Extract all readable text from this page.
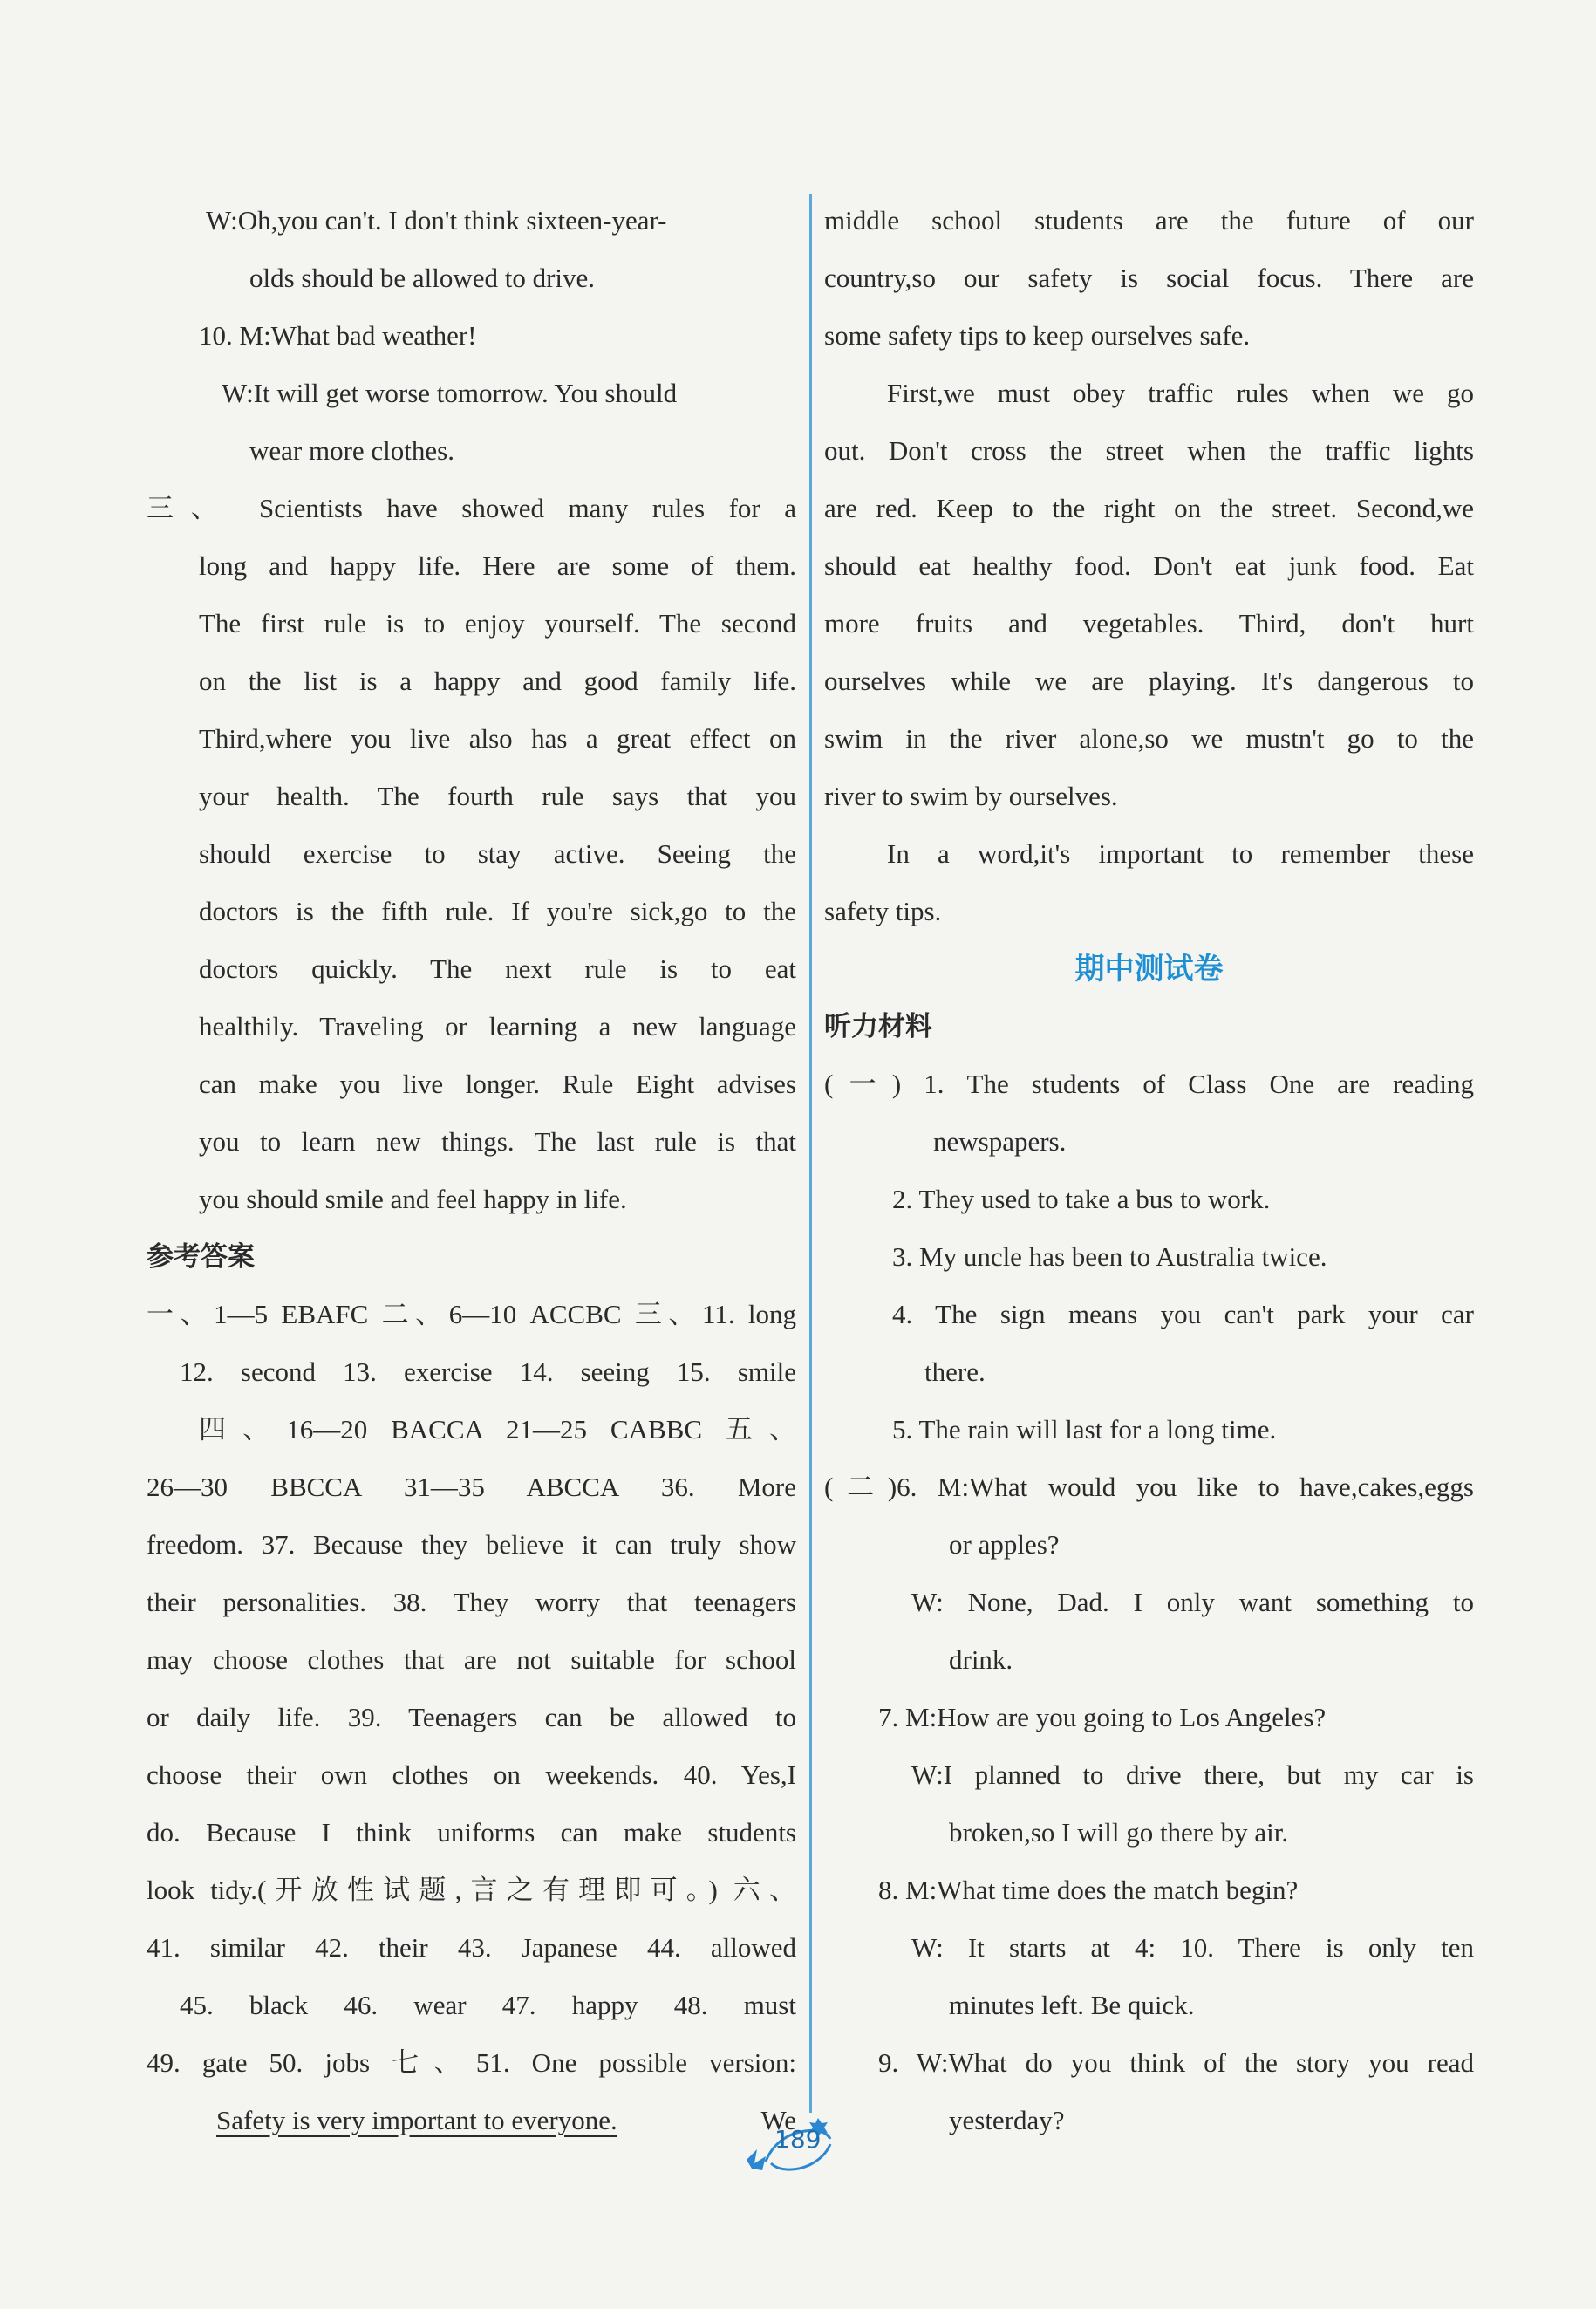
W:Oh,you can't. I don't think sixteen-year-
olds should be allowed to drive.
10. M:What bad weather!
W:It will get worse tomorrow. You should
wear more clothes.
三、 Scientists have showed many rules for a
long and happy life. Here are some of them.
The first rule is to enjoy yourself. The second
on the list is a happy and good family life.
Third,where you live also has a great effect on
your health. The fourth rule says that you
should exercise to stay active. Seeing the
doctors is the fifth rule. If you're sick,go to the
doctors quickly. The next rule is to eat
healthily. Traveling or learning a new language
can make you live longer. Rule Eight advises
you to learn new things. The last rule is that
you should smile and feel happy in life.
参考答案
一、1—5 EBAFC 二、6—10 ACCBC 三、11. long
12. second 13. exercise 14. seeing 15. smile
四、16—20 BACCA 21—25 CABBC 五、
26—30 BBCCA 31—35 ABCCA 36. More
freedom. 37. Because they believe it can truly show
their personalities. 38. They worry that teenagers
may choose clothes that are not suitable for school
or daily life. 39. Teenagers can be allowed to
choose their own clothes on weekends. 40. Yes,I
do. Because I think uniforms can make students
look tidy.(开放性试题,言之有理即可。) 六、
41. similar 42. their 43. Japanese 44. allowed
45. black 46. wear 47. happy 48. must
49. gate 50. jobs 七、51. One possible version:
Safety is very important to everyone.	We
middle school students are the future of our
country,so our safety is social focus. There are
some safety tips to keep ourselves safe.
First,we must obey traffic rules when we go
out. Don't cross the street when the traffic lights
are red. Keep to the right on the street. Second,we
should eat healthy food. Don't eat junk food. Eat
more fruits and vegetables. Third, don't hurt
ourselves while we are playing. It's dangerous to
swim in the river alone,so we mustn't go to the
river to swim by ourselves.
In a word,it's important to remember these
safety tips.
期中测试卷
听力材料
(一) 1. The students of Class One are reading
newspapers.
2. They used to take a bus to work.
3. My uncle has been to Australia twice.
4. The sign means you can't park your car
there.
5. The rain will last for a long time.
(二)6. M:What would you like to have,cakes,eggs
or apples?
W: None, Dad. I only want something to
drink.
7. M:How are you going to Los Angeles?
W:I planned to drive there, but my car is
broken,so I will go there by air.
8. M:What time does the match begin?
W: It starts at 4: 10. There is only ten
minutes left. Be quick.
9. W:What do you think of the story you read
yesterday?
189
